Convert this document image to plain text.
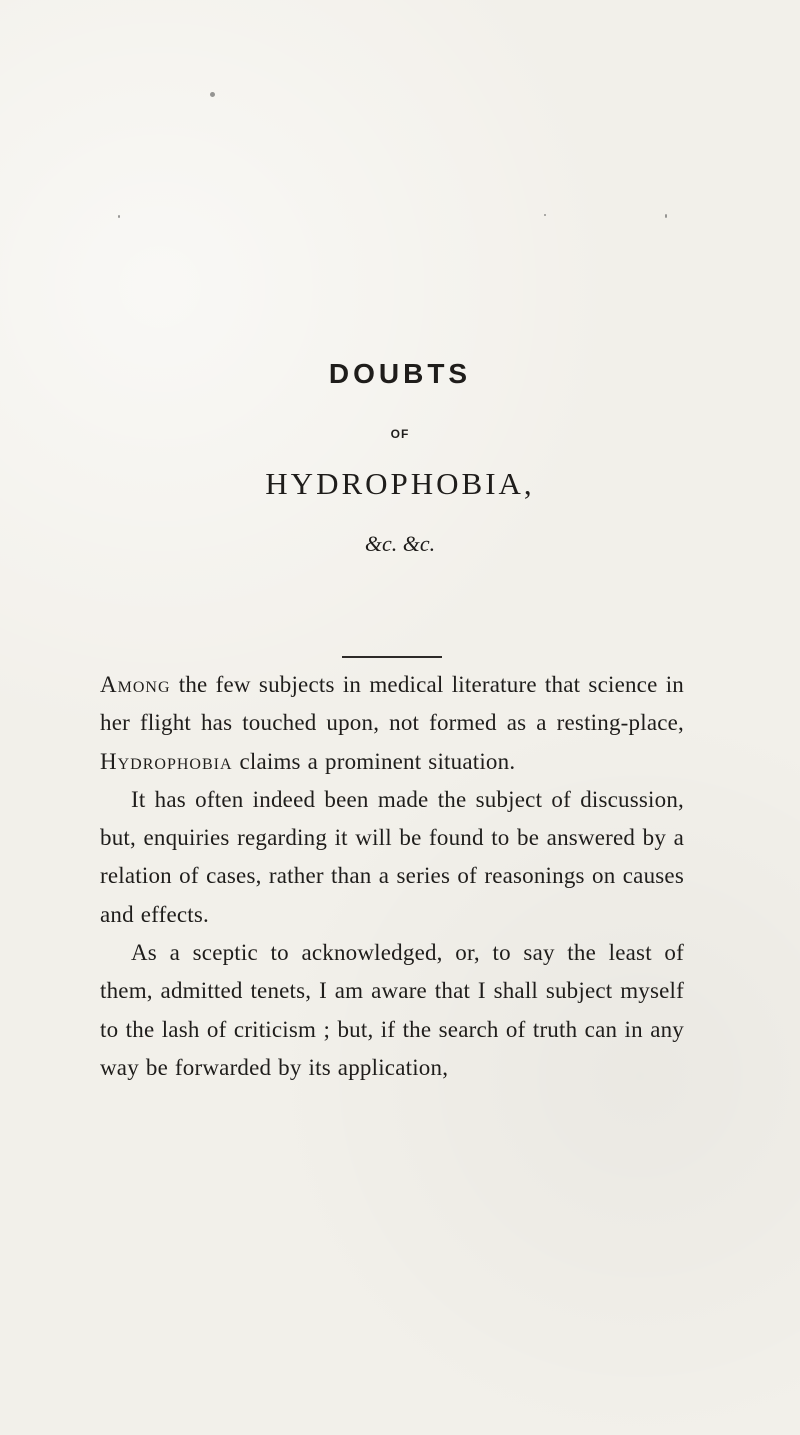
DOUBTS
OF
HYDROPHOBIA,
&c. &c.

Among the few subjects in medical literature that science in her flight has touched upon, not formed as a resting-place, Hydrophobia claims a prominent situation.

It has often indeed been made the subject of discussion, but, enquiries regarding it will be found to be answered by a relation of cases, rather than a series of reasonings on causes and effects.

As a sceptic to acknowledged, or, to say the least of them, admitted tenets, I am aware that I shall subject myself to the lash of criticism ; but, if the search of truth can in any way be forwarded by its application,
